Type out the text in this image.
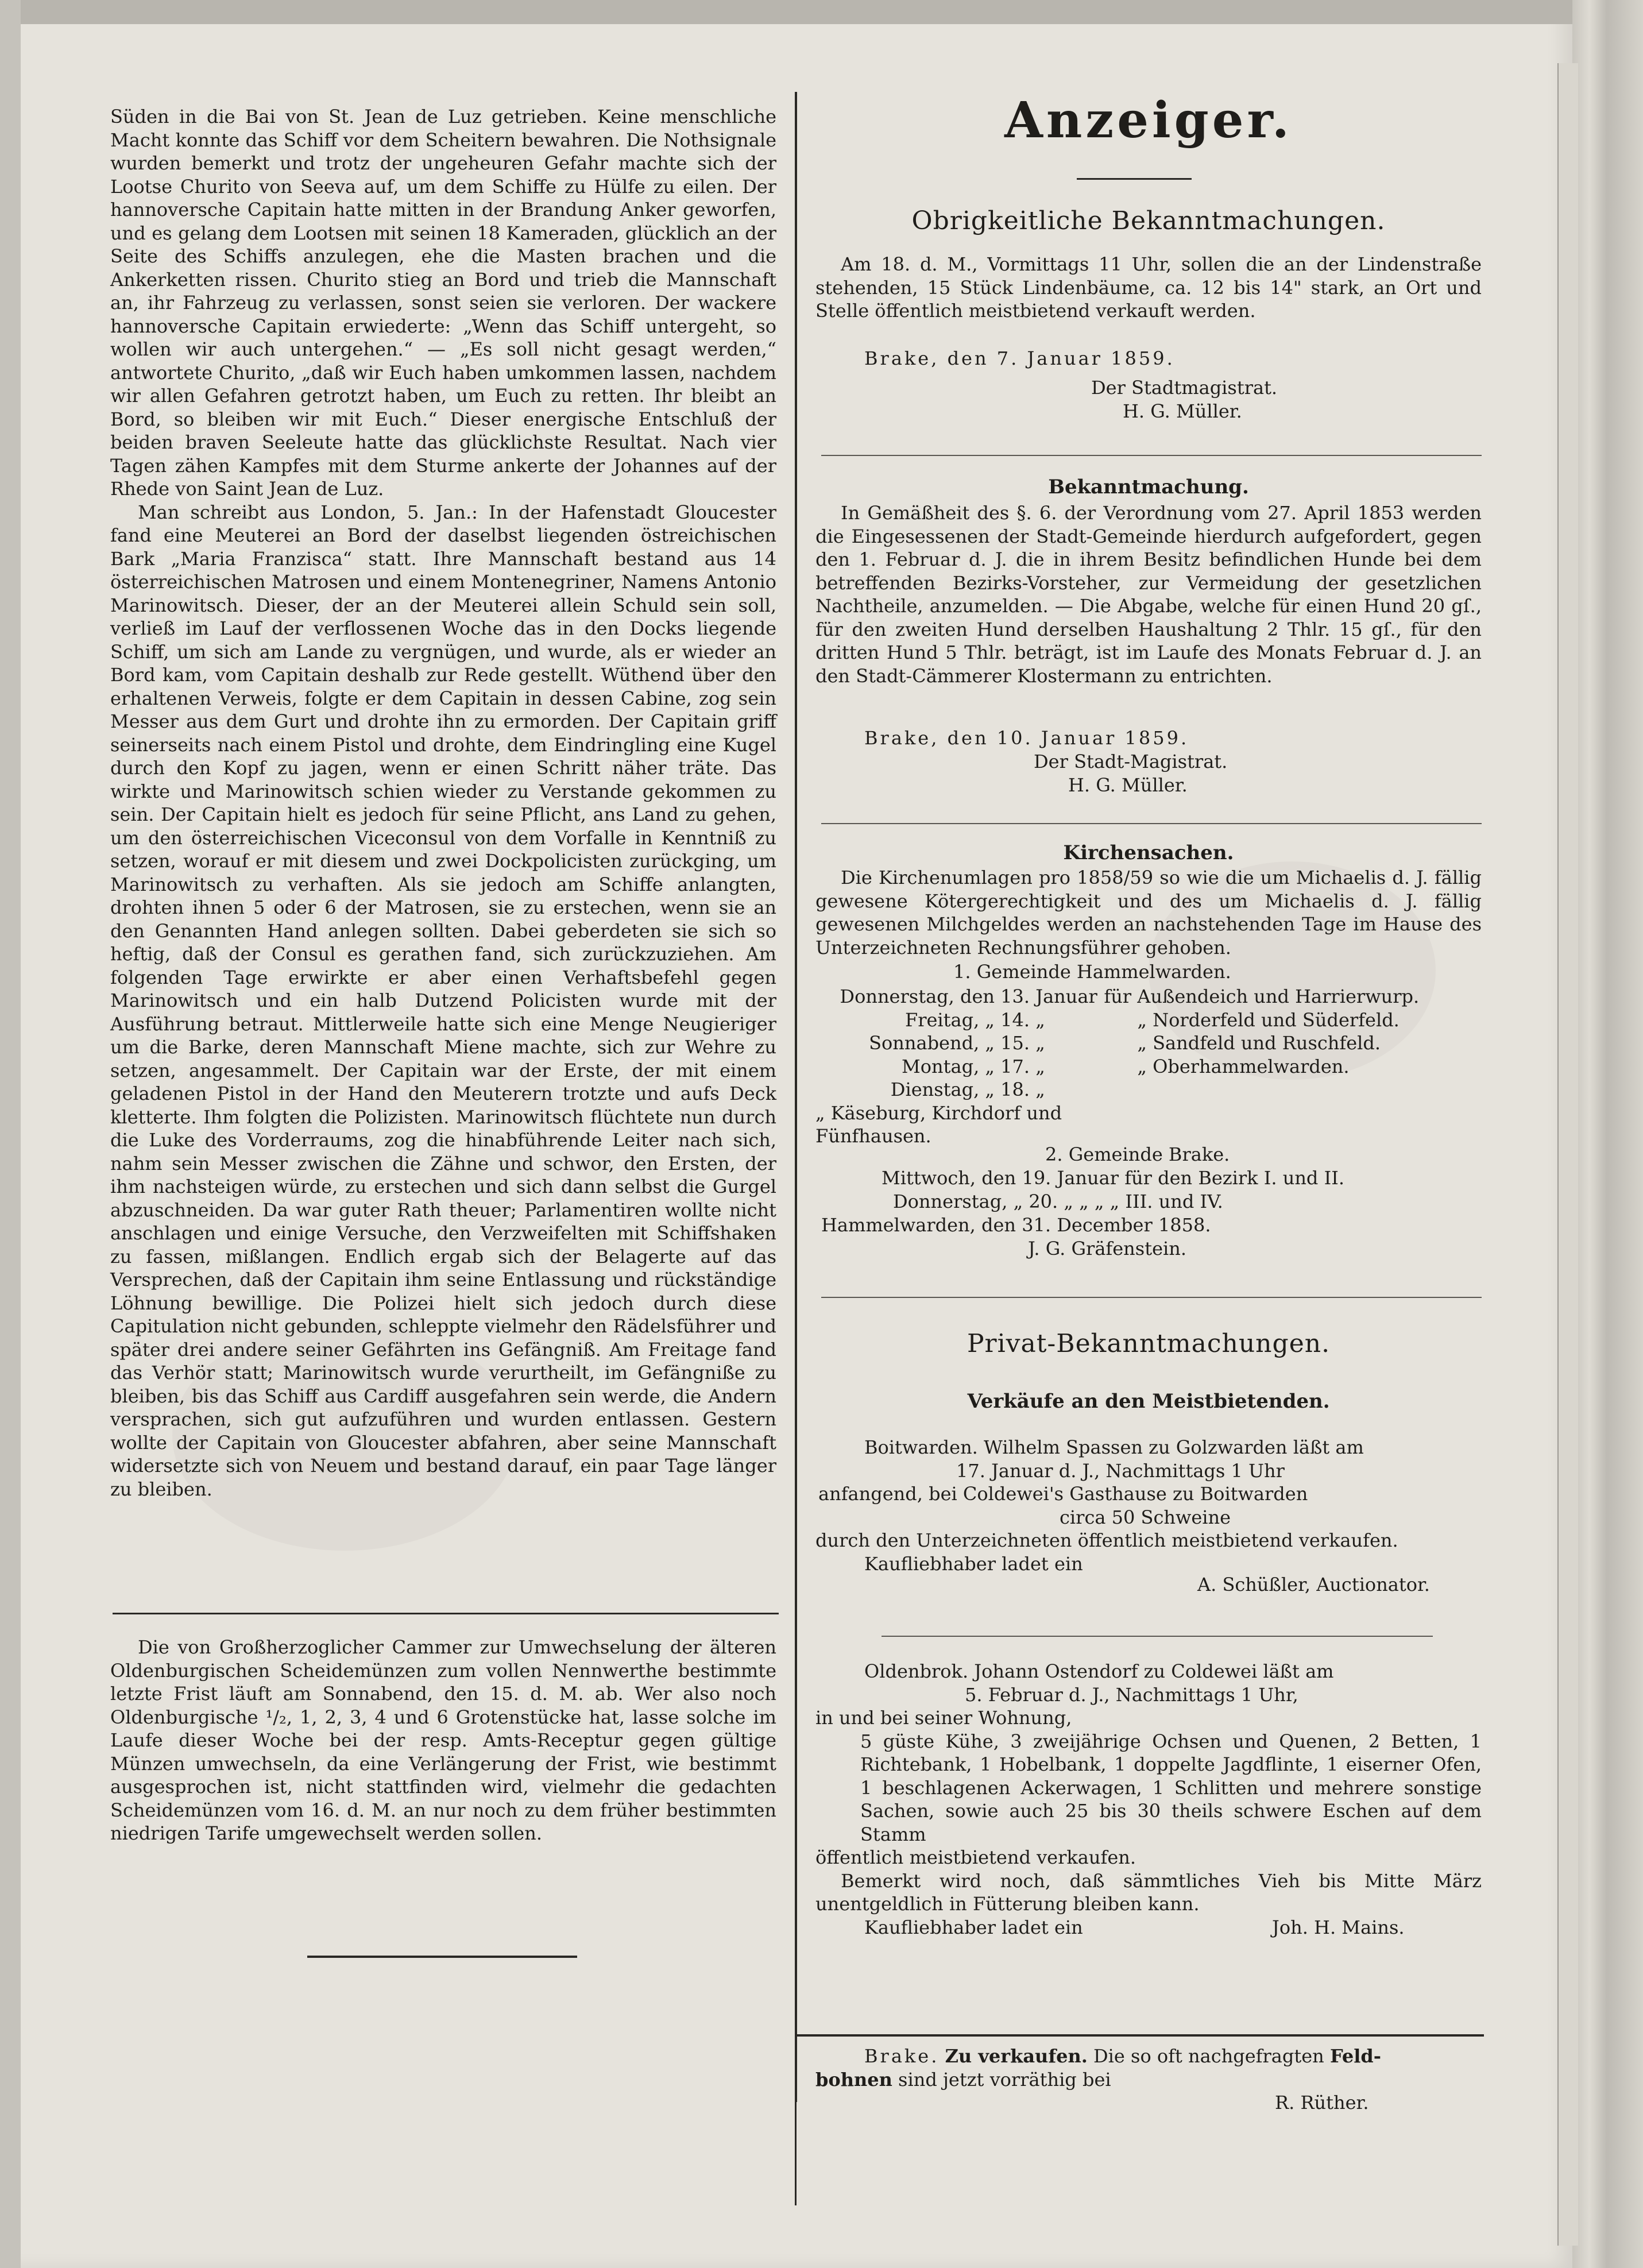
Süden in die Bai von St. Jean de Luz getrieben. Keine menschliche Macht konnte das Schiff vor dem Scheitern bewahren. Die Nothsignale wurden bemerkt und trotz der ungeheuren Gefahr machte sich der Lootse Churito von Seeva auf, um dem Schiffe zu Hülfe zu eilen. Der hannoversche Capitain hatte mitten in der Brandung Anker geworfen, und es gelang dem Lootsen mit seinen 18 Kameraden, glücklich an der Seite des Schiffs anzulegen, ehe die Masten brachen und die Ankerketten rissen. Churito stieg an Bord und trieb die Mannschaft an, ihr Fahrzeug zu verlassen, sonst seien sie verloren. Der wackere hannoversche Capitain erwiederte: „Wenn das Schiff untergeht, so wollen wir auch untergehen.“ — „Es soll nicht gesagt werden,“ antwortete Churito, „daß wir Euch haben umkommen lassen, nachdem wir allen Gefahren getrotzt haben, um Euch zu retten. Ihr bleibt an Bord, so bleiben wir mit Euch.“ Dieser energische Entschluß der beiden braven Seeleute hatte das glücklichste Resultat. Nach vier Tagen zähen Kampfes mit dem Sturme ankerte der Johannes auf der Rhede von Saint Jean de Luz.

Man schreibt aus London, 5. Jan.: In der Hafenstadt Gloucester fand eine Meuterei an Bord der daselbst liegenden östreichischen Bark „Maria Franzisca“ statt. Ihre Mannschaft bestand aus 14 österreichischen Matrosen und einem Montenegriner, Namens Antonio Marinowitsch. Dieser, der an der Meuterei allein Schuld sein soll, verließ im Lauf der verflossenen Woche das in den Docks liegende Schiff, um sich am Lande zu vergnügen, und wurde, als er wieder an Bord kam, vom Capitain deshalb zur Rede gestellt. Wüthend über den erhaltenen Verweis, folgte er dem Capitain in dessen Cabine, zog sein Messer aus dem Gurt und drohte ihn zu ermorden. Der Capitain griff seinerseits nach einem Pistol und drohte, dem Eindringling eine Kugel durch den Kopf zu jagen, wenn er einen Schritt näher träte. Das wirkte und Marinowitsch schien wieder zu Verstande gekommen zu sein. Der Capitain hielt es jedoch für seine Pflicht, ans Land zu gehen, um den österreichischen Viceconsul von dem Vorfalle in Kenntniß zu setzen, worauf er mit diesem und zwei Dockpolicisten zurückging, um Marinowitsch zu verhaften. Als sie jedoch am Schiffe anlangten, drohten ihnen 5 oder 6 der Matrosen, sie zu erstechen, wenn sie an den Genannten Hand anlegen sollten. Dabei geberdeten sie sich so heftig, daß der Consul es gerathen fand, sich zurückzuziehen. Am folgenden Tage erwirkte er aber einen Verhaftsbefehl gegen Marinowitsch und ein halb Dutzend Policisten wurde mit der Ausführung betraut. Mittlerweile hatte sich eine Menge Neugieriger um die Barke, deren Mannschaft Miene machte, sich zur Wehre zu setzen, angesammelt. Der Capitain war der Erste, der mit einem geladenen Pistol in der Hand den Meuterern trotzte und aufs Deck kletterte. Ihm folgten die Polizisten. Marinowitsch flüchtete nun durch die Luke des Vorderraums, zog die hinabführende Leiter nach sich, nahm sein Messer zwischen die Zähne und schwor, den Ersten, der ihm nachsteigen würde, zu erstechen und sich dann selbst die Gurgel abzuschneiden. Da war guter Rath theuer; Parlamentiren wollte nicht anschlagen und einige Versuche, den Verzweifelten mit Schiffshaken zu fassen, mißlangen. Endlich ergab sich der Belagerte auf das Versprechen, daß der Capitain ihm seine Entlassung und rückständige Löhnung bewillige. Die Polizei hielt sich jedoch durch diese Capitulation nicht gebunden, schleppte vielmehr den Rädelsführer und später drei andere seiner Gefährten ins Gefängniß. Am Freitage fand das Verhör statt; Marinowitsch wurde verurtheilt, im Gefängniße zu bleiben, bis das Schiff aus Cardiff ausgefahren sein werde, die Andern versprachen, sich gut aufzuführen und wurden entlassen. Gestern wollte der Capitain von Gloucester abfahren, aber seine Mannschaft widersetzte sich von Neuem und bestand darauf, ein paar Tage länger zu bleiben.

Die von Großherzoglicher Cammer zur Umwechselung der älteren Oldenburgischen Scheidemünzen zum vollen Nennwerthe bestimmte letzte Frist läuft am Sonnabend, den 15. d. M. ab. Wer also noch Oldenburgische ¹/₂, 1, 2, 3, 4 und 6 Grotenstücke hat, lasse solche im Laufe dieser Woche bei der resp. Amts-Receptur gegen gültige Münzen umwechseln, da eine Verlängerung der Frist, wie bestimmt ausgesprochen ist, nicht stattfinden wird, vielmehr die gedachten Scheidemünzen vom 16. d. M. an nur noch zu dem früher bestimmten niedrigen Tarife umgewechselt werden sollen.

Anzeiger.
Obrigkeitliche Bekanntmachungen.
Am 18. d. M., Vormittags 11 Uhr, sollen die an der Lindenstraße stehenden, 15 Stück Lindenbäume, ca. 12 bis 14" stark, an Ort und Stelle öffentlich meistbietend verkauft werden.
Brake, den 7. Januar 1859.
Der Stadtmagistrat.
H. G. Müller.
Bekanntmachung.
In Gemäßheit des §. 6. der Verordnung vom 27. April 1853 werden die Eingesessenen der Stadt-Gemeinde hierdurch aufgefordert, gegen den 1. Februar d. J. die in ihrem Besitz befindlichen Hunde bei dem betreffenden Bezirks-Vorsteher, zur Vermeidung der gesetzlichen Nachtheile, anzumelden. — Die Abgabe, welche für einen Hund 20 gſ., für den zweiten Hund derselben Haushaltung 2 Thlr. 15 gſ., für den dritten Hund 5 Thlr. beträgt, ist im Laufe des Monats Februar d. J. an den Stadt-Cämmerer Klostermann zu entrichten.
Brake, den 10. Januar 1859.
Der Stadt-Magistrat.
H. G. Müller.
Kirchensachen.
Die Kirchenumlagen pro 1858/59 so wie die um Michaelis d. J. fällig gewesene Kötergerechtigkeit und des um Michaelis d. J. fällig gewesenen Milchgeldes werden an nachstehenden Tage im Hause des Unterzeichneten Rechnungsführer gehoben.
1. Gemeinde Hammelwarden.
Donnerstag, den 13. Januar für Außendeich und Harrierwurp.
Freitag, „ 14. „	„ Norderfeld und Süderfeld.
Sonnabend, „ 15. „	„ Sandfeld und Ruschfeld.
Montag, „ 17. „	„ Oberhammelwarden.
Dienstag, „ 18. „ „ Käseburg, Kirchdorf und Fünfhausen.
2. Gemeinde Brake.
Mittwoch, den 19. Januar für den Bezirk I. und II.
Donnerstag, „ 20. „ „ „ „ III. und IV.
Hammelwarden, den 31. December 1858.
J. G. Gräfenstein.
Privat-Bekanntmachungen.
Verkäufe an den Meistbietenden.
Boitwarden. Wilhelm Spassen zu Golzwarden läßt am
17. Januar d. J., Nachmittags 1 Uhr
anfangend, bei Coldewei's Gasthause zu Boitwarden
circa 50 Schweine
durch den Unterzeichneten öffentlich meistbietend verkaufen.
Kaufliebhaber ladet ein
A. Schüßler, Auctionator.
Oldenbrok. Johann Ostendorf zu Coldewei läßt am
5. Februar d. J., Nachmittags 1 Uhr,
in und bei seiner Wohnung,
5 güste Kühe, 3 zweijährige Ochsen und Quenen, 2 Betten, 1 Richtebank, 1 Hobelbank, 1 doppelte Jagdflinte, 1 eiserner Ofen, 1 beschlagenen Ackerwagen, 1 Schlitten und mehrere sonstige Sachen, sowie auch 25 bis 30 theils schwere Eschen auf dem Stamm
öffentlich meistbietend verkaufen.
Bemerkt wird noch, daß sämmtliches Vieh bis Mitte März unentgeldlich in Fütterung bleiben kann.
Kaufliebhaber ladet ein	Joh. H. Mains.
Brake. Zu verkaufen. Die so oft nachgefragten Feld-
bohnen sind jetzt vorräthig bei
R. Rüther.
